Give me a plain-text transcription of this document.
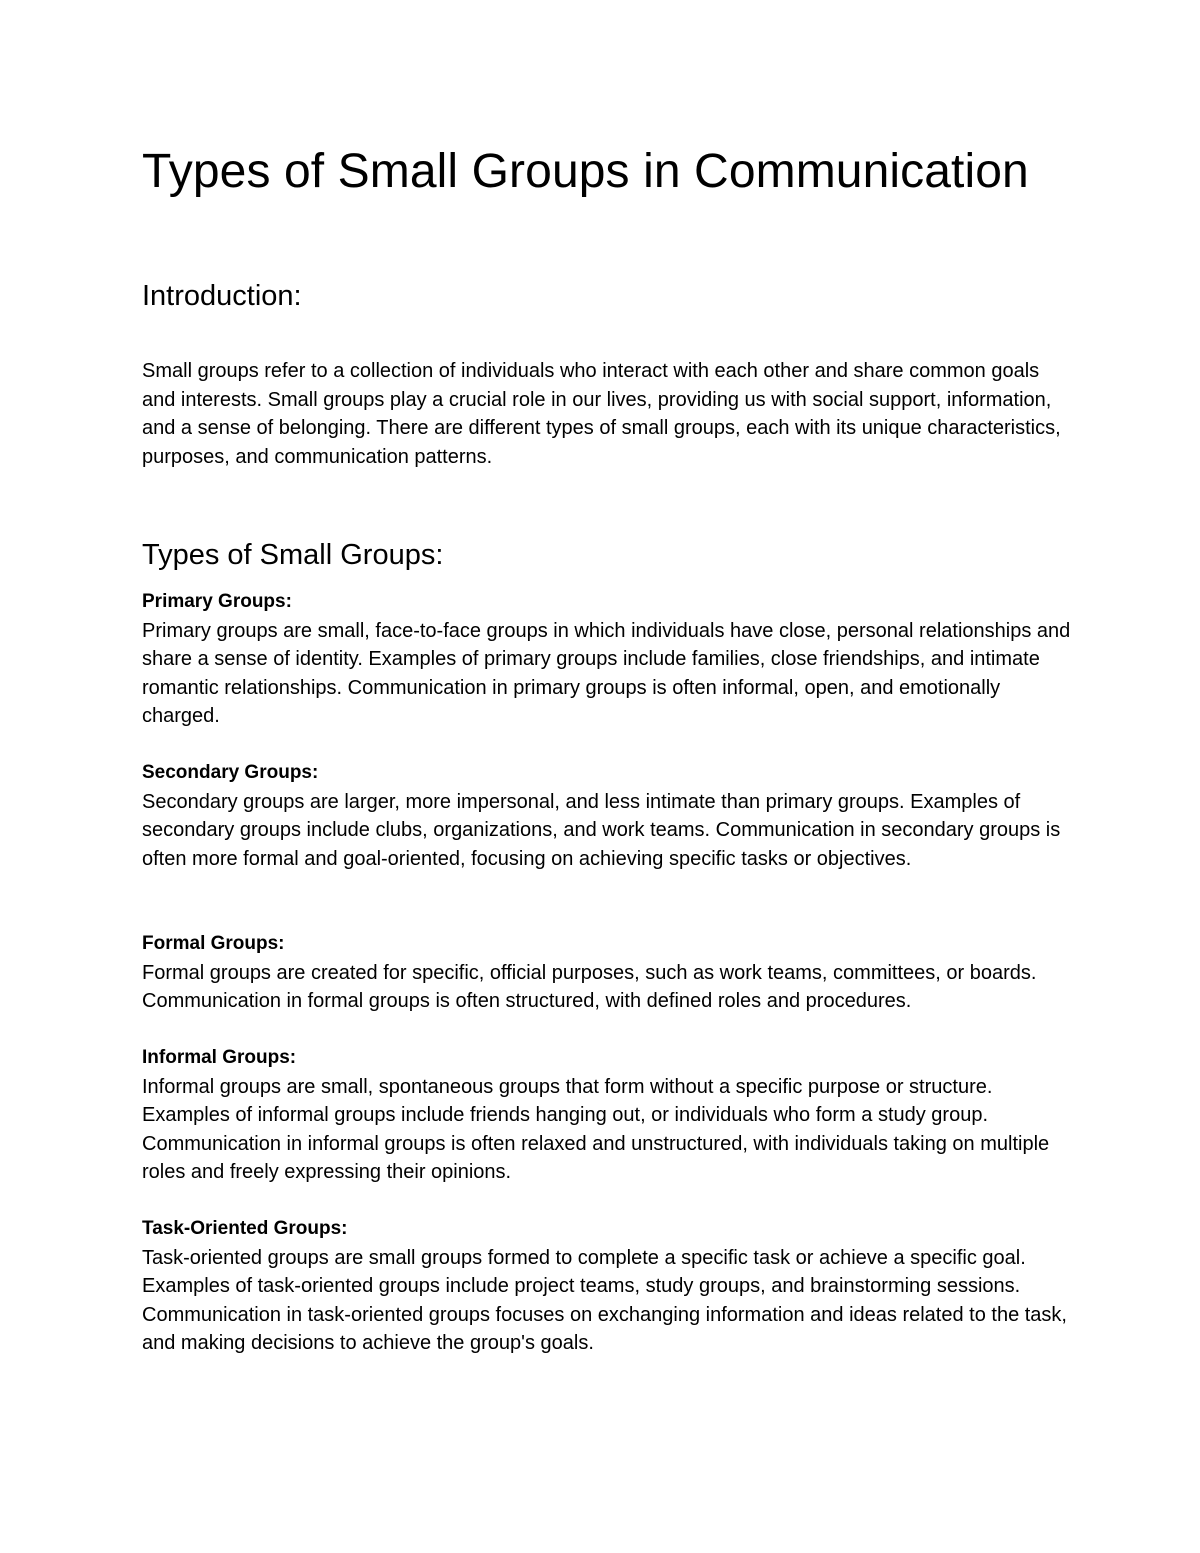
Types of Small Groups in Communication
Introduction:

Small groups refer to a collection of individuals who interact with each other and share common goals and interests. Small groups play a crucial role in our lives, providing us with social support, information, and a sense of belonging. There are different types of small groups, each with its unique characteristics, purposes, and communication patterns.

Types of Small Groups:

Primary Groups:

Primary groups are small, face-to-face groups in which individuals have close, personal relationships and share a sense of identity. Examples of primary groups include families, close friendships, and intimate romantic relationships. Communication in primary groups is often informal, open, and emotionally charged.

Secondary Groups:

Secondary groups are larger, more impersonal, and less intimate than primary groups. Examples of secondary groups include clubs, organizations, and work teams. Communication in secondary groups is often more formal and goal-oriented, focusing on achieving specific tasks or objectives.

Formal Groups:

Formal groups are created for specific, official purposes, such as work teams, committees, or boards. Communication in formal groups is often structured, with defined roles and procedures.

Informal Groups:

Informal groups are small, spontaneous groups that form without a specific purpose or structure. Examples of informal groups include friends hanging out, or individuals who form a study group. Communication in informal groups is often relaxed and unstructured, with individuals taking on multiple roles and freely expressing their opinions.

Task-Oriented Groups:

Task-oriented groups are small groups formed to complete a specific task or achieve a specific goal. Examples of task-oriented groups include project teams, study groups, and brainstorming sessions. Communication in task-oriented groups focuses on exchanging information and ideas related to the task, and making decisions to achieve the group's goals.
